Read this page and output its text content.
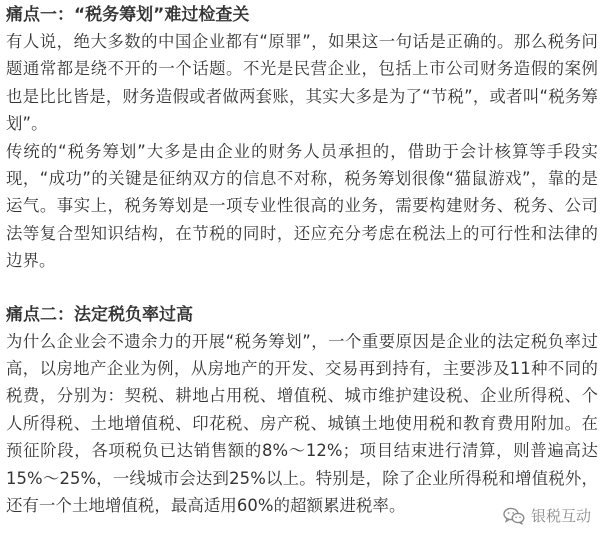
痛点一：“税务筹划”难过检查关

有人说，绝大多数的中国企业都有“原罪”，如果这一句话是正确的。那么税务问题通常都是绕不开的一个话题。不光是民营企业，包括上市公司财务造假的案例也是比比皆是，财务造假或者做两套账，其实大多是为了“节税”，或者叫“税务筹划”。

传统的“税务筹划”大多是由企业的财务人员承担的，借助于会计核算等手段实现，“成功”的关键是征纳双方的信息不对称，税务筹划很像“猫鼠游戏”，靠的是运气。事实上，税务筹划是一项专业性很高的业务，需要构建财务、税务、公司法等复合型知识结构，在节税的同时，还应充分考虑在税法上的可行性和法律的边界。

痛点二：法定税负率过高

为什么企业会不遗余力的开展“税务筹划”，一个重要原因是企业的法定税负率过高，以房地产企业为例，从房地产的开发、交易再到持有，主要涉及11种不同的税费，分别为：契税、耕地占用税、增值税、城市维护建设税、企业所得税、个人所得税、土地增值税、印花税、房产税、城镇土地使用税和教育费用附加。在预征阶段，各项税负已达销售额的8%～12%；项目结束进行清算，则普遍高达15%～25%，一线城市会达到25%以上。特别是，除了企业所得税和增值税外，还有一个土地增值税，最高适用60%的超额累进税率。

银税互动
